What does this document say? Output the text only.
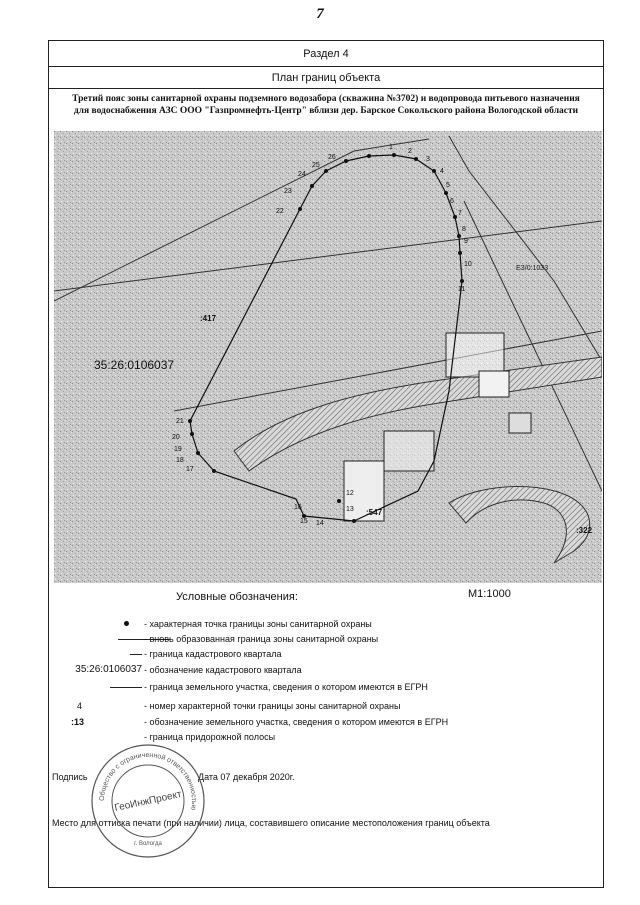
7
Раздел 4
План границ объекта
Третий пояс зоны санитарной охраны подземного водозабора (скважина №3702) и водопровода питьевого назначения для водоснабжения АЗС ООО "Газпромнефть-Центр" вблизи дер. Барское Сокольского района Вологодской области
1
2
3
4
5
6
7
8
9
10
11
12
13
14
15
16
17
18
19
20
21
22
23
24
25
26
35:26:0106037
:417
:547
:322
ЕЗ/0:1033
Условные обозначения:	М1:1000
- характерная точка границы зоны санитарной охраны
- вновь образованная граница зоны санитарной охраны
- граница кадастрового квартала
35:26:0106037 - обозначение кадастрового квартала
- граница земельного участка, сведения о котором имеются в ЕГРН
4	- номер характерной точки границы зоны санитарной охраны
:13	- обозначение земельного участка, сведения о котором имеются в ЕГРН
- граница придорожной полосы
Подпись	Дата 07 декабря 2020г.
Место для оттиска печати (при наличии) лица, составившего описание местоположения границ объекта
Общество с ограниченной ответственностью
ГеоИнжПроект
г. Вологда
